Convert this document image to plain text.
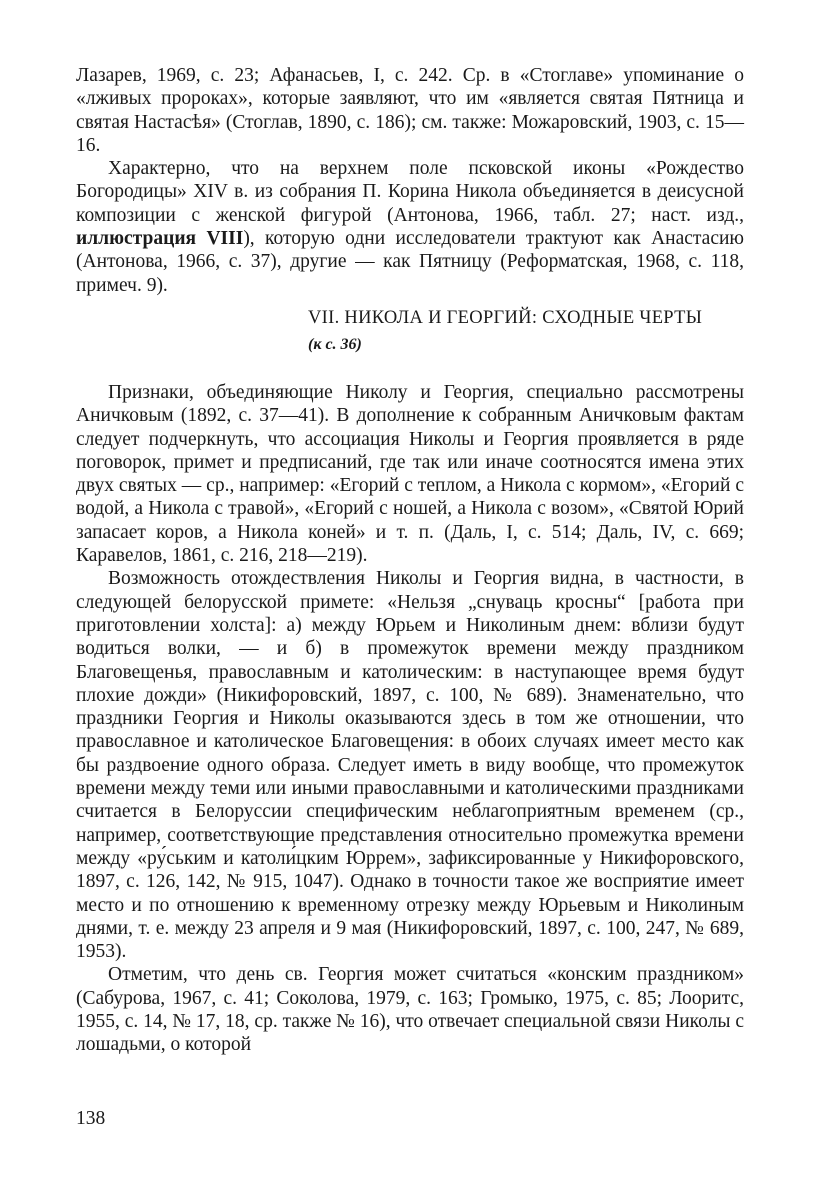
Лазарев, 1969, с. 23; Афанасьев, I, с. 242. Ср. в «Стоглаве» упоминание о «лживых пророках», которые заявляют, что им «является святая Пятница и святая Настасѣя» (Стоглав, 1890, с. 186); см. также: Можаровский, 1903, с. 15—16.

Характерно, что на верхнем поле псковской иконы «Рождество Богородицы» XIV в. из собрания П. Корина Никола объединяется в деисусной композиции с женской фигурой (Антонова, 1966, табл. 27; наст. изд., иллюстрация VIII), которую одни исследователи трактуют как Анастасию (Антонова, 1966, с. 37), другие — как Пятницу (Реформатская, 1968, с. 118, примеч. 9).

VII. НИКОЛА И ГЕОРГИЙ: СХОДНЫЕ ЧЕРТЫ
(к с. 36)

Признаки, объединяющие Николу и Георгия, специально рассмотрены Аничковым (1892, с. 37—41). В дополнение к собранным Аничковым фактам следует подчеркнуть, что ассоциация Николы и Георгия проявляется в ряде поговорок, примет и предписаний, где так или иначе соотносятся имена этих двух святых — ср., например: «Егорий с теплом, а Никола с кормом», «Егорий с водой, а Никола с травой», «Егорий с ношей, а Никола с возом», «Святой Юрий запасает коров, а Никола коней» и т. п. (Даль, I, с. 514; Даль, IV, с. 669; Каравелов, 1861, с. 216, 218—219).

Возможность отождествления Николы и Георгия видна, в частности, в следующей белорусской примете: «Нельзя „снуваць кросны“ [работа при приготовлении холста]: а) между Юрьем и Николиным днем: вблизи будут водиться волки, — и б) в промежуток времени между праздником Благовещенья, православным и католическим: в наступающее время будут плохие дожди» (Никифоровский, 1897, с. 100, № 689). Знаменательно, что праздники Георгия и Николы оказываются здесь в том же отношении, что православное и католическое Благовещения: в обоих случаях имеет место как бы раздвоение одного образа. Следует иметь в виду вообще, что промежуток времени между теми или иными православными и католическими праздниками считается в Белоруссии специфическим неблагоприятным временем (ср., например, соответствующие представления относительно промежутка времени между «ру́ським и католи́цким Юррем», зафиксированные у Никифоровского, 1897, с. 126, 142, № 915, 1047). Однако в точности такое же восприятие имеет место и по отношению к временному отрезку между Юрьевым и Николиным днями, т. е. между 23 апреля и 9 мая (Никифоровский, 1897, с. 100, 247, № 689, 1953).

Отметим, что день св. Георгия может считаться «конским праздником» (Сабурова, 1967, с. 41; Соколова, 1979, с. 163; Громыко, 1975, с. 85; Лооритс, 1955, с. 14, № 17, 18, ср. также № 16), что отвечает специальной связи Николы с лошадьми, о которой

138
